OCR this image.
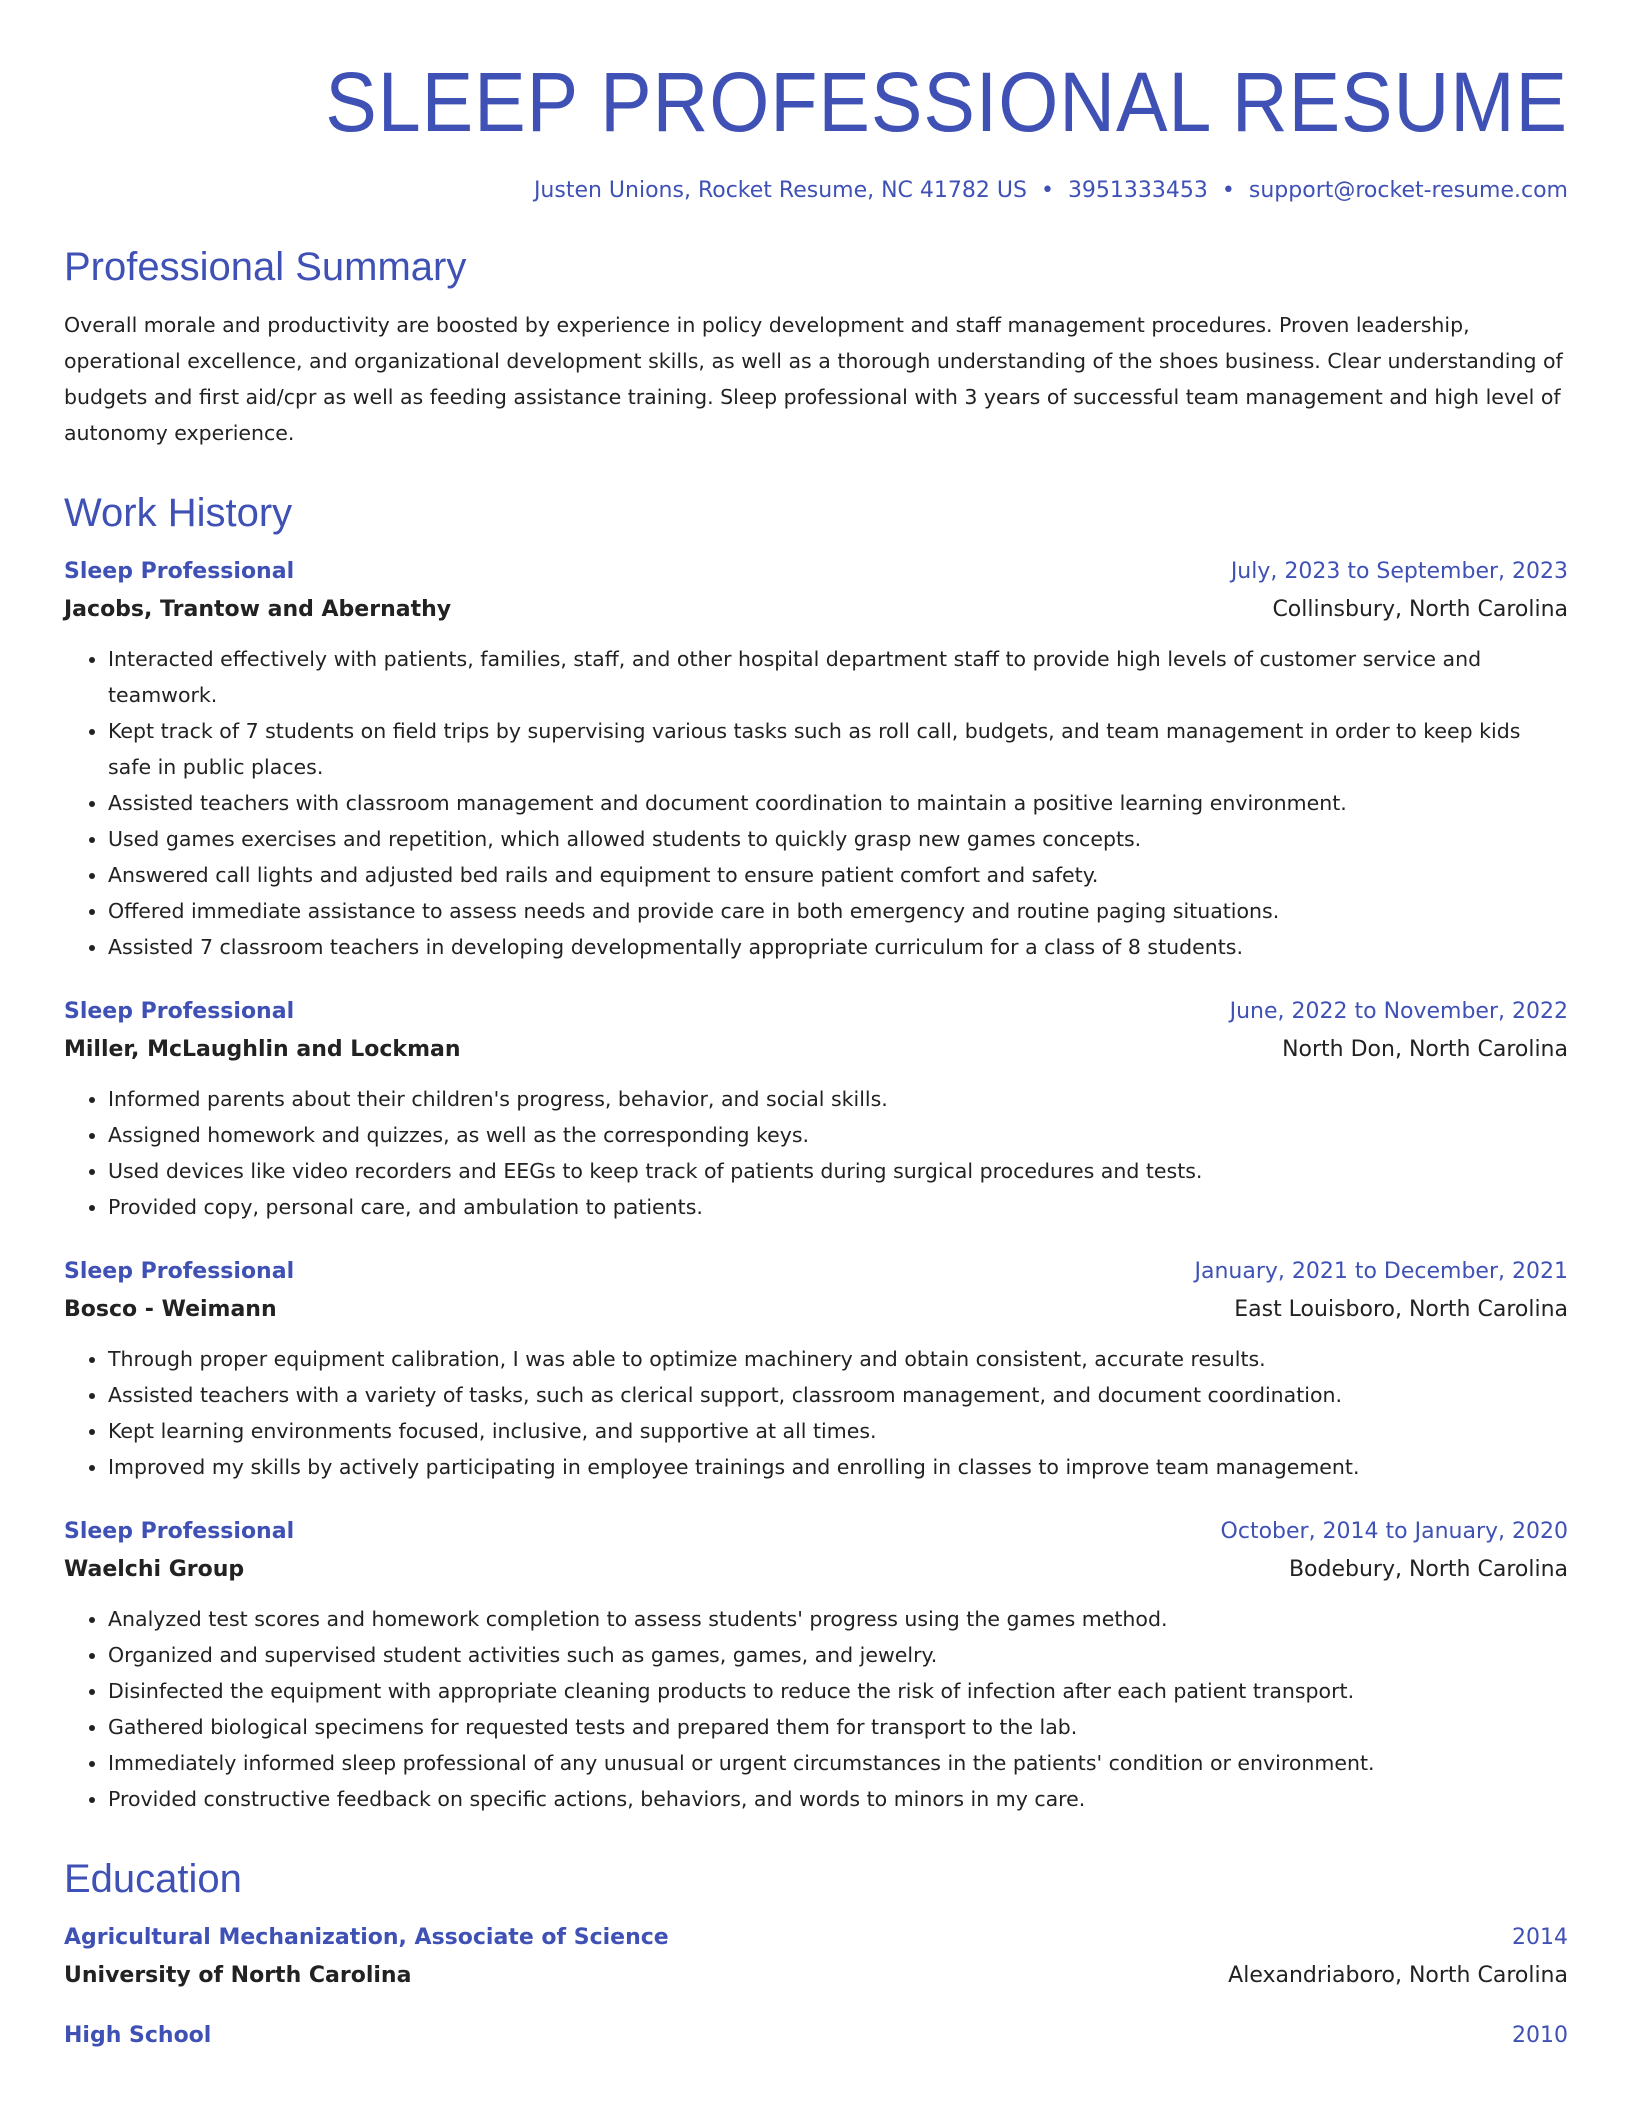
SLEEP PROFESSIONAL RESUME
Justen Unions, Rocket Resume, NC 41782 US • 3951333453 • support@rocket-resume.com
Professional Summary

Overall morale and productivity are boosted by experience in policy development and staff management procedures. Proven leadership, operational excellence, and organizational development skills, as well as a thorough understanding of the shoes business. Clear understanding of budgets and first aid/cpr as well as feeding assistance training. Sleep professional with 3 years of successful team management and high level of autonomy experience.

Work History
Sleep Professional	July, 2023 to September, 2023
Jacobs, Trantow and Abernathy	Collinsbury, North Carolina
• Interacted effectively with patients, families, staff, and other hospital department staff to provide high levels of customer service and teamwork.
• Kept track of 7 students on field trips by supervising various tasks such as roll call, budgets, and team management in order to keep kids safe in public places.
• Assisted teachers with classroom management and document coordination to maintain a positive learning environment.
• Used games exercises and repetition, which allowed students to quickly grasp new games concepts.
• Answered call lights and adjusted bed rails and equipment to ensure patient comfort and safety.
• Offered immediate assistance to assess needs and provide care in both emergency and routine paging situations.
• Assisted 7 classroom teachers in developing developmentally appropriate curriculum for a class of 8 students.
Sleep Professional	June, 2022 to November, 2022
Miller, McLaughlin and Lockman	North Don, North Carolina
• Informed parents about their children's progress, behavior, and social skills.
• Assigned homework and quizzes, as well as the corresponding keys.
• Used devices like video recorders and EEGs to keep track of patients during surgical procedures and tests.
• Provided copy, personal care, and ambulation to patients.
Sleep Professional	January, 2021 to December, 2021
Bosco - Weimann	East Louisboro, North Carolina
• Through proper equipment calibration, I was able to optimize machinery and obtain consistent, accurate results.
• Assisted teachers with a variety of tasks, such as clerical support, classroom management, and document coordination.
• Kept learning environments focused, inclusive, and supportive at all times.
• Improved my skills by actively participating in employee trainings and enrolling in classes to improve team management.
Sleep Professional	October, 2014 to January, 2020
Waelchi Group	Bodebury, North Carolina
• Analyzed test scores and homework completion to assess students' progress using the games method.
• Organized and supervised student activities such as games, games, and jewelry.
• Disinfected the equipment with appropriate cleaning products to reduce the risk of infection after each patient transport.
• Gathered biological specimens for requested tests and prepared them for transport to the lab.
• Immediately informed sleep professional of any unusual or urgent circumstances in the patients' condition or environment.
• Provided constructive feedback on specific actions, behaviors, and words to minors in my care.
Education
Agricultural Mechanization, Associate of Science	2014
University of North Carolina	Alexandriaboro, North Carolina
High School	2010
